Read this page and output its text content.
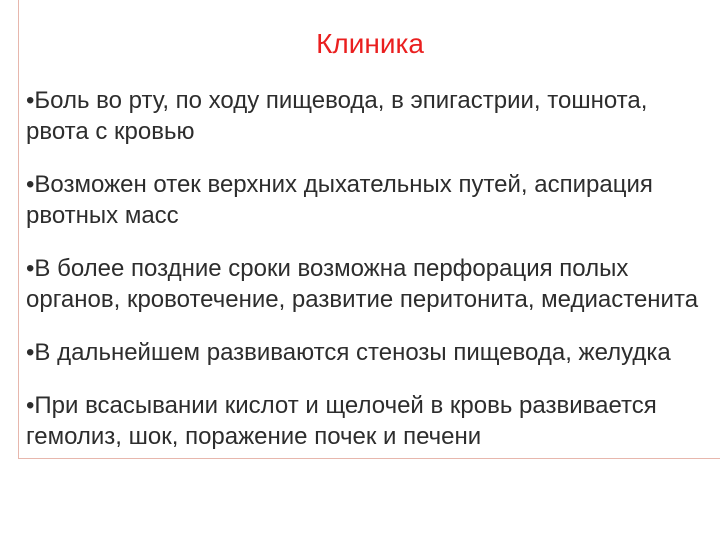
Клиника
•Боль во рту, по ходу пищевода, в эпигастрии, тошнота, рвота с кровью
•Возможен отек верхних дыхательных путей, аспирация рвотных масс
•В более поздние сроки возможна перфорация полых органов, кровотечение, развитие перитонита, медиастенита
•В дальнейшем развиваются стенозы пищевода, желудка
•При всасывании кислот и щелочей в кровь развивается гемолиз, шок, поражение почек и печени
